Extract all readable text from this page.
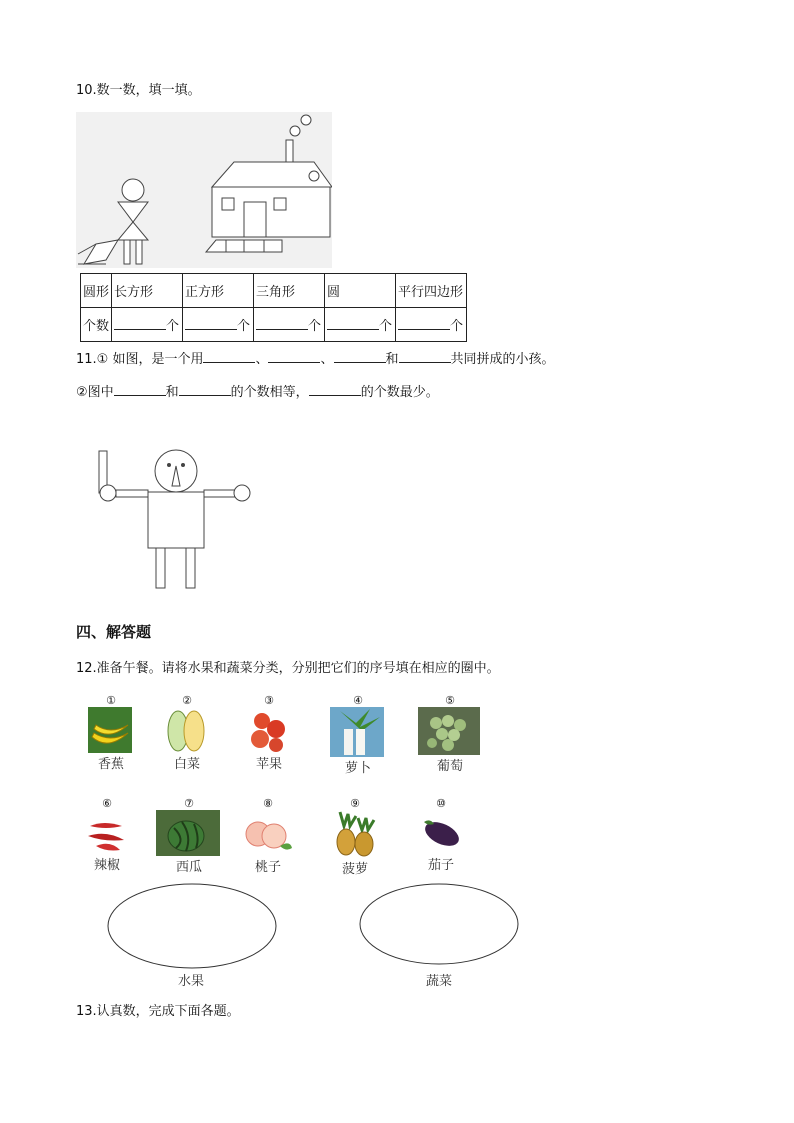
10.数一数，填一填。
圆形	长方形	正方形	三角形	圆	平行四边形
个数	个	个	个	个	个
11.① 如图，是一个用	、	、	和	共同拼成的小孩。
②图中	和	的个数相等，	的个数最少。
四、解答题
12.准备午餐。请将水果和蔬菜分类，分别把它们的序号填在相应的圈中。
①
香蕉
②
白菜
③
苹果
④
萝卜
⑤
葡萄
⑥
辣椒
⑦
西瓜
⑧
桃子
⑨
菠萝
⑩
茄子
水果	蔬菜
13.认真数，完成下面各题。
